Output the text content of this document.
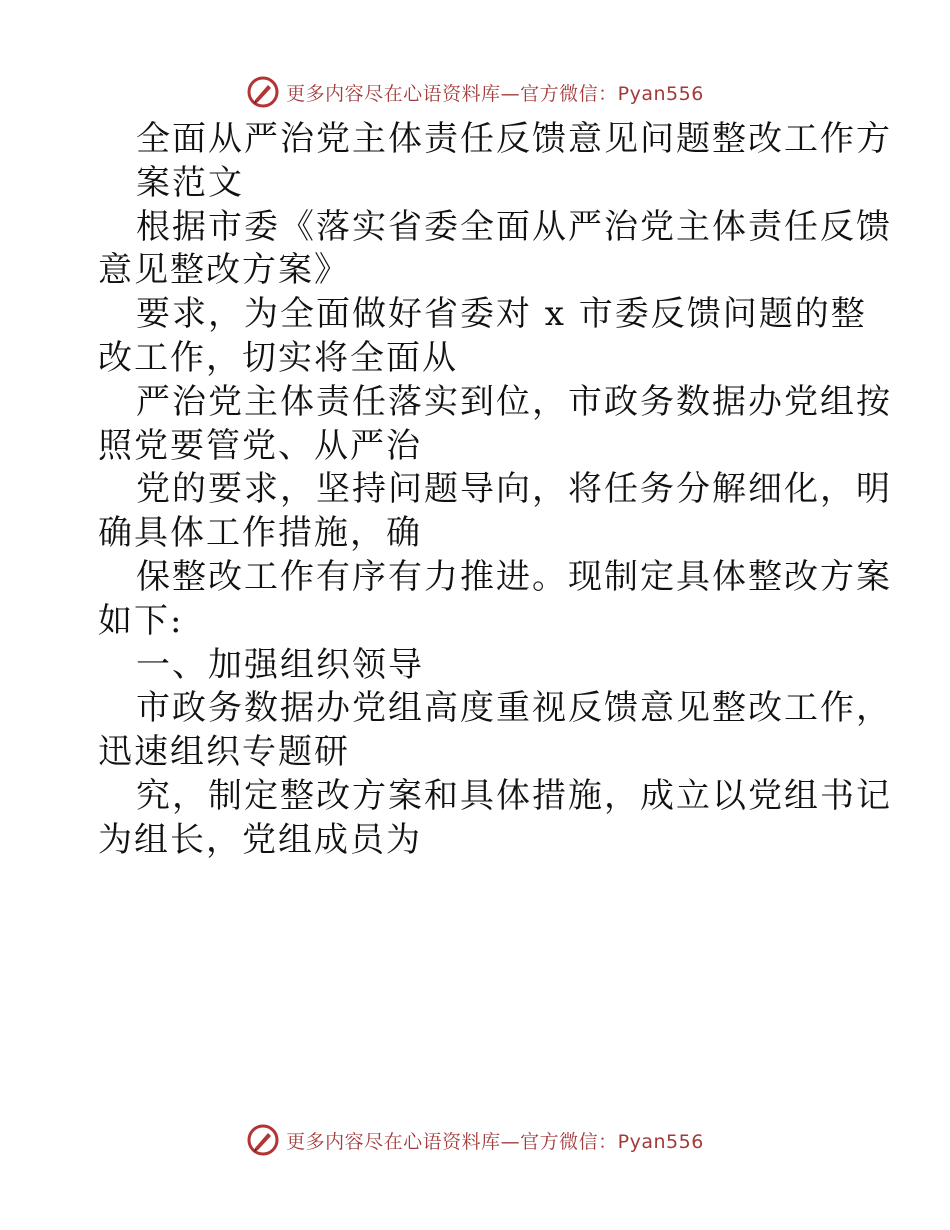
更多内容尽在心语资料库—官方微信：Pyan556

全面从严治党主体责任反馈意见问题整改工作方

案范文

根据市委《落实省委全面从严治党主体责任反馈

意见整改方案》

要求，为全面做好省委对 x 市委反馈问题的整

改工作，切实将全面从

严治党主体责任落实到位，市政务数据办党组按

照党要管党、从严治

党的要求，坚持问题导向，将任务分解细化，明

确具体工作措施，确

保整改工作有序有力推进。现制定具体整改方案

如下:

一、加强组织领导

市政务数据办党组高度重视反馈意见整改工作，

迅速组织专题研

究，制定整改方案和具体措施，成立以党组书记

为组长，党组成员为

更多内容尽在心语资料库—官方微信：Pyan556
